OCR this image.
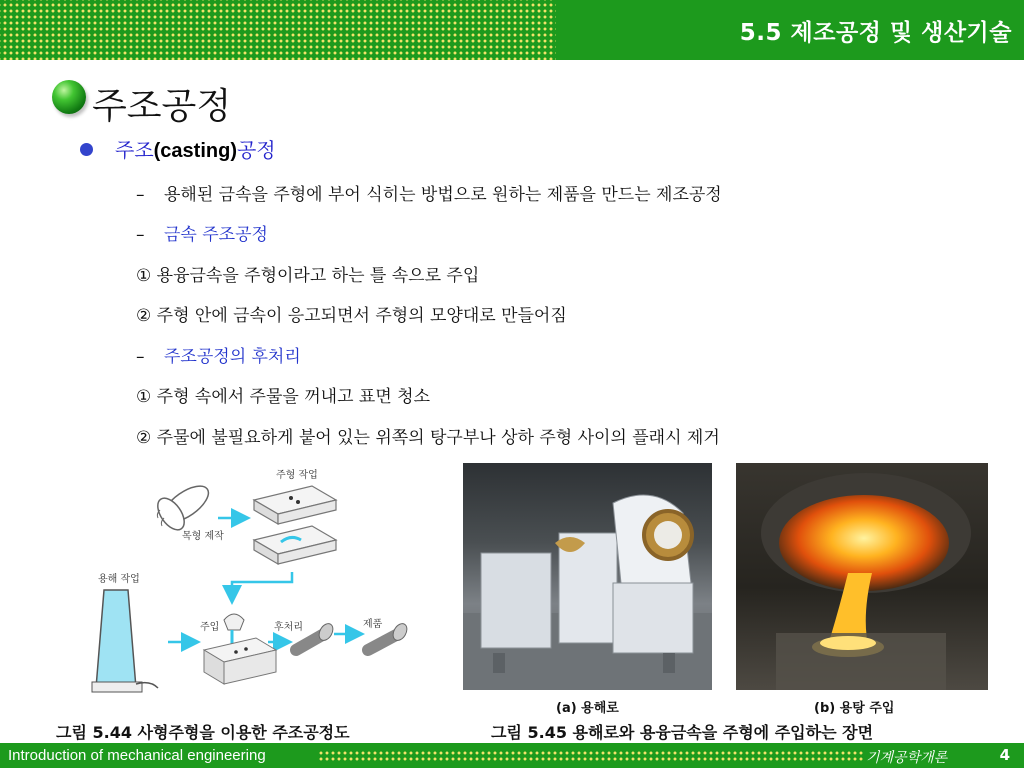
5.5 제조공정 및 생산기술
주조공정
주조(casting)공정
– 용해된 금속을 주형에 부어 식히는 방법으로 원하는 제품을 만드는 제조공정
– 금속 주조공정
① 용융금속을 주형이라고 하는 틀 속으로 주입
② 주형 안에 금속이 응고되면서 주형의 모양대로 만들어짐
– 주조공정의 후처리
① 주형 속에서 주물을 꺼내고 표면 청소
② 주물에 불필요하게 붙어 있는 위쪽의 탕구부나 상하 주형 사이의 플래시 제거
주형 작업
목형 제작
용해 작업
주입	후처리	제품
(a) 용해로	(b) 용탕 주입
그림 5.44 사형주형을 이용한 주조공정도	그림 5.45 용해로와 용융금속을 주형에 주입하는 장면
Introduction of mechanical engineering	기계공학개론	4
